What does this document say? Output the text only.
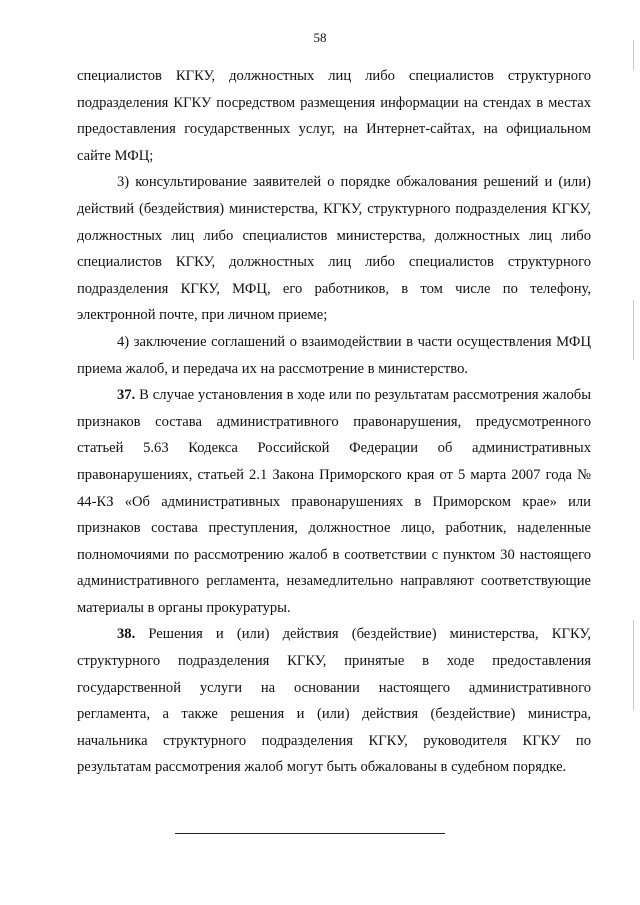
58

специалистов КГКУ, должностных лиц либо специалистов структурного подразделения КГКУ посредством размещения информации на стендах в местах предоставления государственных услуг, на Интернет-сайтах, на официальном сайте МФЦ;

3) консультирование заявителей о порядке обжалования решений и (или) действий (бездействия) министерства, КГКУ, структурного подразделения КГКУ, должностных лиц либо специалистов министерства, должностных лиц либо специалистов КГКУ, должностных лиц либо специалистов структурного подразделения КГКУ, МФЦ, его работников, в том числе по телефону, электронной почте, при личном приеме;

4) заключение соглашений о взаимодействии в части осуществления МФЦ приема жалоб, и передача их на рассмотрение в министерство.

37. В случае установления в ходе или по результатам рассмотрения жалобы признаков состава административного правонарушения, предусмотренного статьей 5.63 Кодекса Российской Федерации об административных правонарушениях, статьей 2.1 Закона Приморского края от 5 марта 2007 года № 44-КЗ «Об административных правонарушениях в Приморском крае» или признаков состава преступления, должностное лицо, работник, наделенные полномочиями по рассмотрению жалоб в соответствии с пунктом 30 настоящего административного регламента, незамедлительно направляют соответствующие материалы в органы прокуратуры.

38. Решения и (или) действия (бездействие) министерства, КГКУ, структурного подразделения КГКУ, принятые в ходе предоставления государственной услуги на основании настоящего административного регламента, а также решения и (или) действия (бездействие) министра, начальника структурного подразделения КГКУ, руководителя КГКУ по результатам рассмотрения жалоб могут быть обжалованы в судебном порядке.
